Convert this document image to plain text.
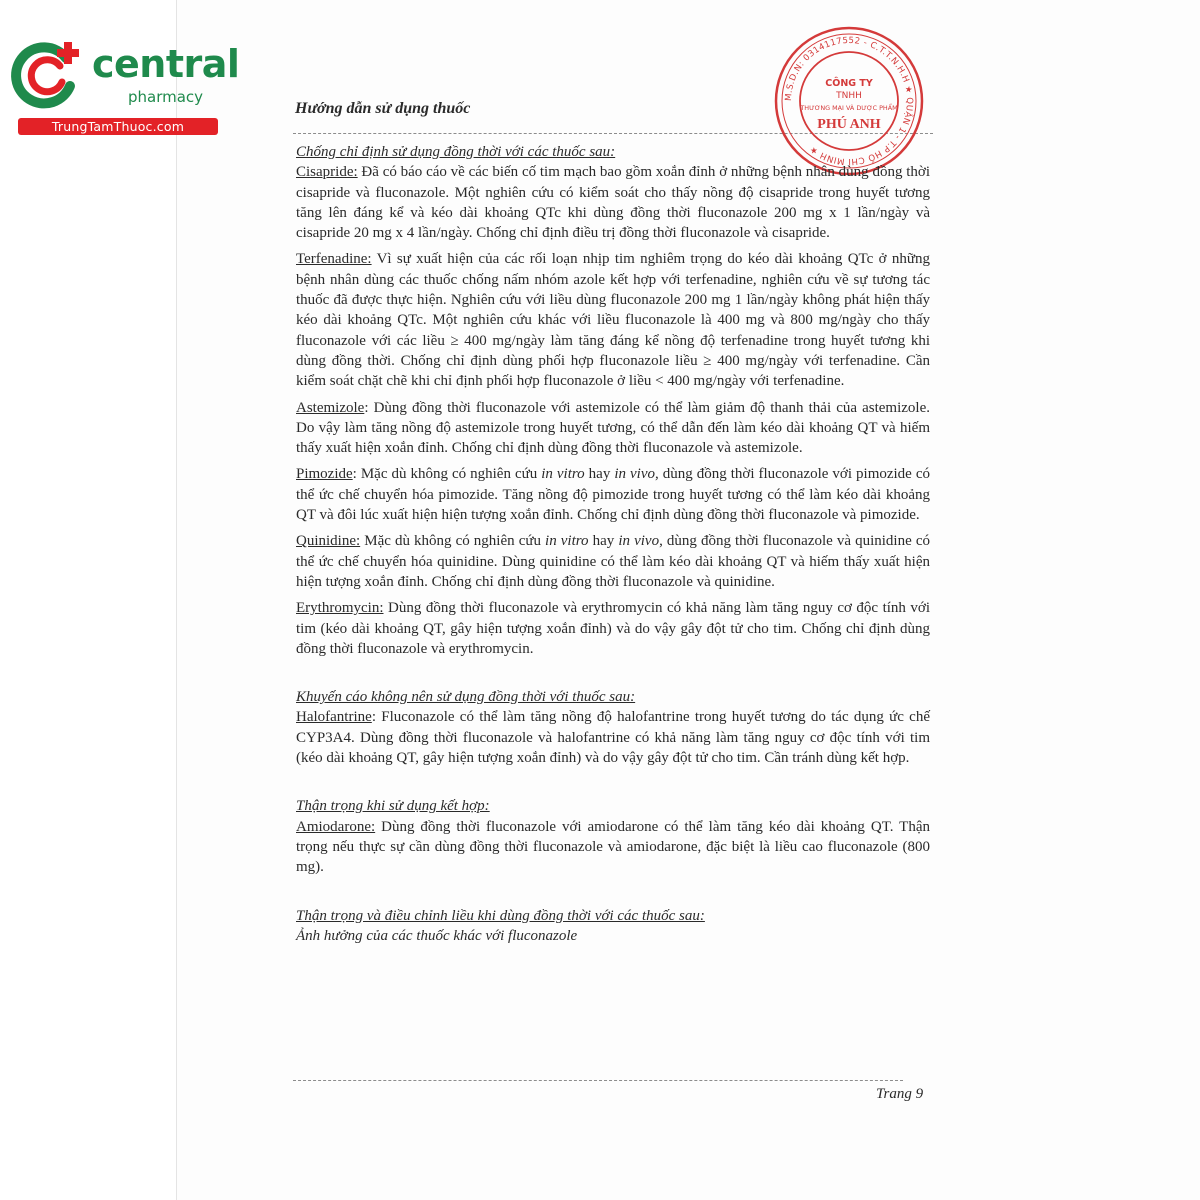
central
pharmacy
TrungTamThuoc.com
Hướng dẫn sử dụng thuốc
M.S.D.N: 0314117552 - C.T.T.N.H.H ★ QUẬN 1 - T.P HỒ CHÍ MINH ★
CÔNG TY
TNHH
THƯƠNG MẠI VÀ DƯỢC PHẨM
PHÚ ANH

Chống chỉ định sử dụng đồng thời với các thuốc sau:

Cisapride: Đã có báo cáo về các biến cố tim mạch bao gồm xoắn đỉnh ở những bệnh nhân dùng đồng thời cisapride và fluconazole. Một nghiên cứu có kiểm soát cho thấy nồng độ cisapride trong huyết tương tăng lên đáng kể và kéo dài khoảng QTc khi dùng đồng thời fluconazole 200 mg x 1 lần/ngày và cisapride 20 mg x 4 lần/ngày. Chống chỉ định điều trị đồng thời fluconazole và cisapride.

Terfenadine: Vì sự xuất hiện của các rối loạn nhịp tim nghiêm trọng do kéo dài khoảng QTc ở những bệnh nhân dùng các thuốc chống nấm nhóm azole kết hợp với terfenadine, nghiên cứu về sự tương tác thuốc đã được thực hiện. Nghiên cứu với liều dùng fluconazole 200 mg 1 lần/ngày không phát hiện thấy kéo dài khoảng QTc. Một nghiên cứu khác với liều fluconazole là 400 mg và 800 mg/ngày cho thấy fluconazole với các liều ≥ 400 mg/ngày làm tăng đáng kể nồng độ terfenadine trong huyết tương khi dùng đồng thời. Chống chỉ định dùng phối hợp fluconazole liều ≥ 400 mg/ngày với terfenadine. Cần kiểm soát chặt chẽ khi chỉ định phối hợp fluconazole ở liều < 400 mg/ngày với terfenadine.

Astemizole: Dùng đồng thời fluconazole với astemizole có thể làm giảm độ thanh thải của astemizole. Do vậy làm tăng nồng độ astemizole trong huyết tương, có thể dẫn đến làm kéo dài khoảng QT và hiếm thấy xuất hiện xoắn đỉnh. Chống chỉ định dùng đồng thời fluconazole và astemizole.

Pimozide: Mặc dù không có nghiên cứu in vitro hay in vivo, dùng đồng thời fluconazole với pimozide có thể ức chế chuyển hóa pimozide. Tăng nồng độ pimozide trong huyết tương có thể làm kéo dài khoảng QT và đôi lúc xuất hiện hiện tượng xoắn đỉnh. Chống chỉ định dùng đồng thời fluconazole và pimozide.

Quinidine: Mặc dù không có nghiên cứu in vitro hay in vivo, dùng đồng thời fluconazole và quinidine có thể ức chế chuyển hóa quinidine. Dùng quinidine có thể làm kéo dài khoảng QT và hiếm thấy xuất hiện hiện tượng xoắn đỉnh. Chống chỉ định dùng đồng thời fluconazole và quinidine.

Erythromycin: Dùng đồng thời fluconazole và erythromycin có khả năng làm tăng nguy cơ độc tính với tim (kéo dài khoảng QT, gây hiện tượng xoắn đỉnh) và do vậy gây đột tử cho tim. Chống chỉ định dùng đồng thời fluconazole và erythromycin.

Khuyến cáo không nên sử dụng đồng thời với thuốc sau:

Halofantrine: Fluconazole có thể làm tăng nồng độ halofantrine trong huyết tương do tác dụng ức chế CYP3A4. Dùng đồng thời fluconazole và halofantrine có khả năng làm tăng nguy cơ độc tính với tim (kéo dài khoảng QT, gây hiện tượng xoắn đỉnh) và do vậy gây đột tử cho tim. Cần tránh dùng kết hợp.

Thận trọng khi sử dụng kết hợp:

Amiodarone: Dùng đồng thời fluconazole với amiodarone có thể làm tăng kéo dài khoảng QT. Thận trọng nếu thực sự cần dùng đồng thời fluconazole và amiodarone, đặc biệt là liều cao fluconazole (800 mg).

Thận trọng và điều chỉnh liều khi dùng đồng thời với các thuốc sau:

Ảnh hưởng của các thuốc khác với fluconazole

Trang 9
